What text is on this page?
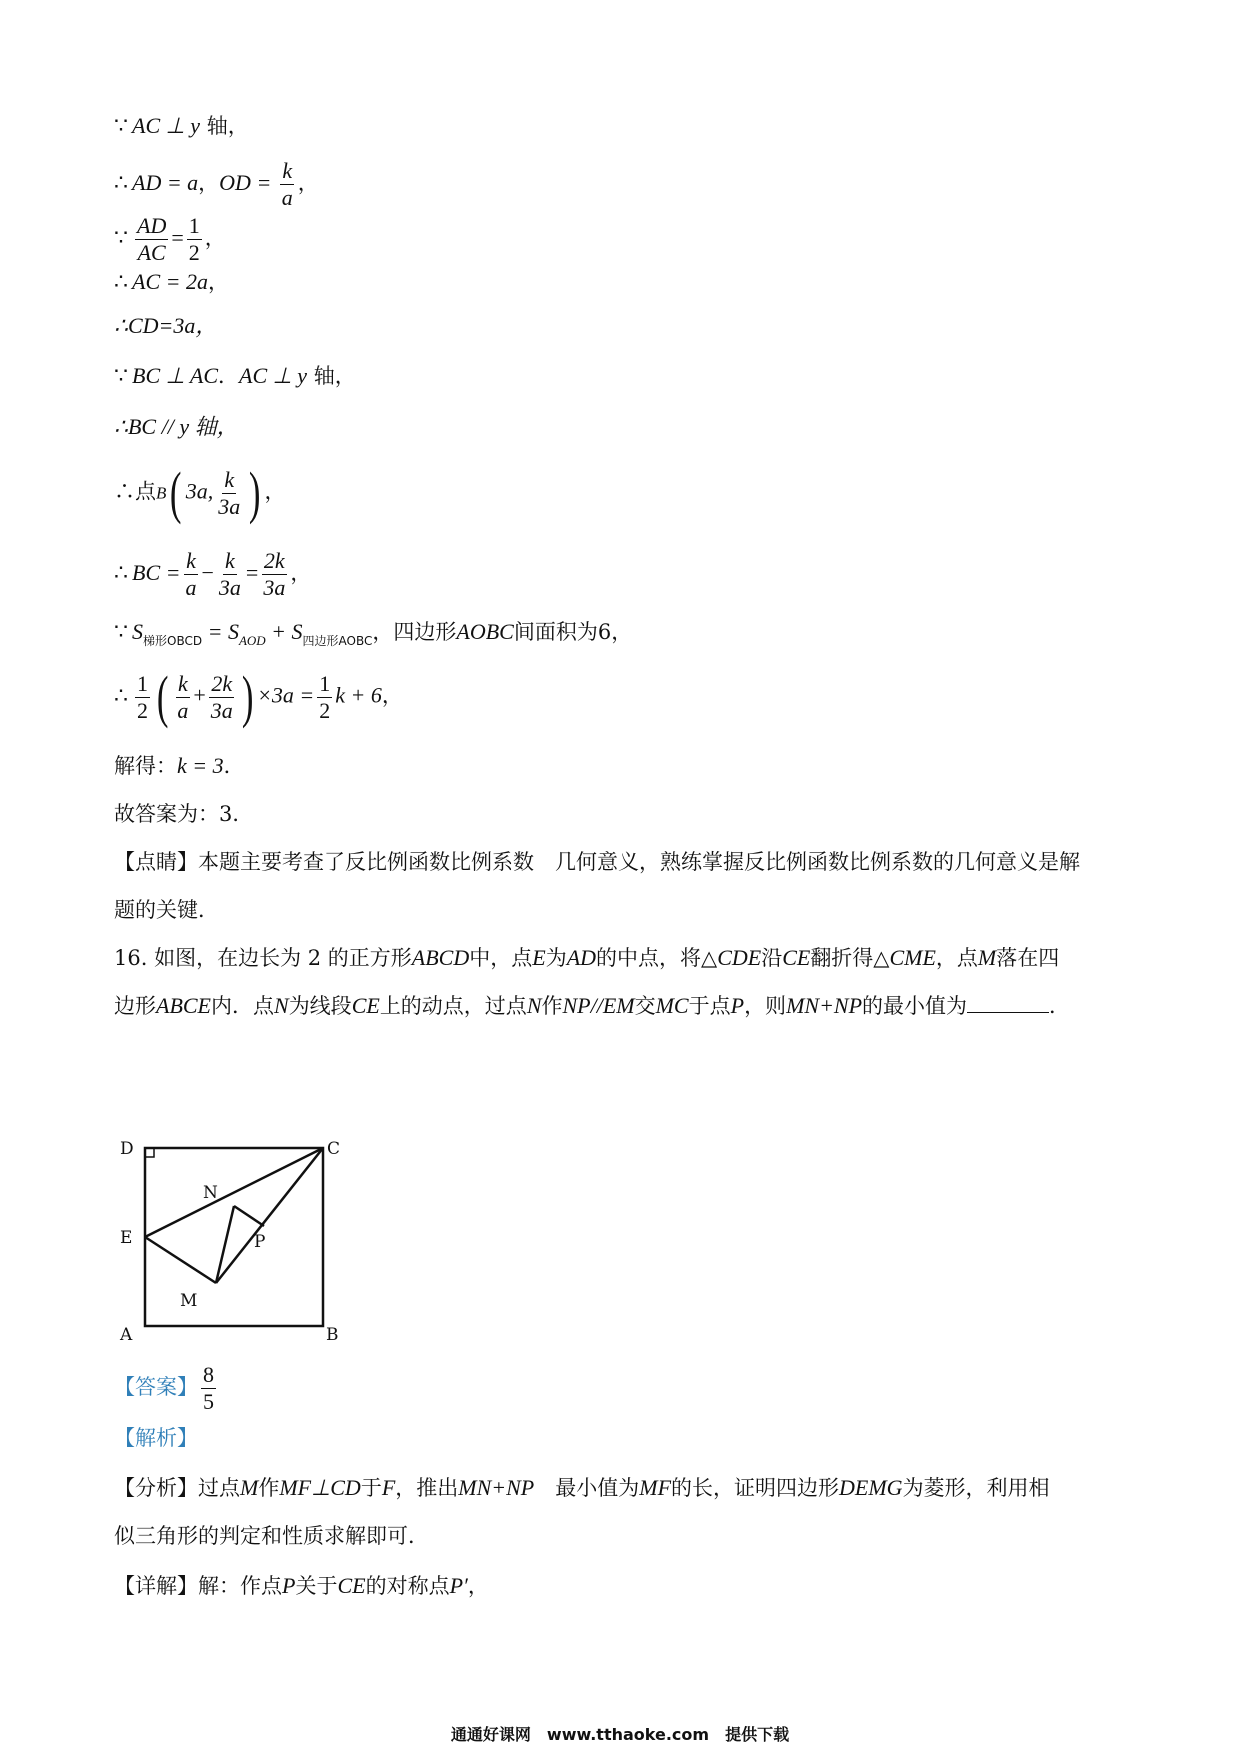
∵ AC ⊥ y 轴，
∴ AD = a，OD = $\frac{k}{a}$ ，
∵ $\frac{AD}{AC} = \frac{1}{2}$ ，
∴ AC = 2a，
∴CD=3a，
∵ BC ⊥ AC．AC ⊥ y 轴，
∴BC // y 轴，
∴点B( 3a, $\frac{k}{3a}$ ) ，
∴ BC = $\frac{k}{a} - \frac{k}{3a} = \frac{2k}{3a}$ ，
∵ $S_{梯形OBCD} = S_{AOD} + S_{四边形AOBC}$，四边形AOBC间面积为6，
∴ $\frac{1}{2}$ ( $\frac{k}{a} + \frac{2k}{3a}$ ) $\times 3a = \frac{1}{2}$ k + 6，
解得：k = 3．
故答案为：3．
【点睛】本题主要考查了反比例函数比例系数　几何意义，熟练掌握反比例函数比例系数的几何意义是解
题的关键．
16. 如图，在边长为 2 的正方形ABCD中，点E为AD的中点，将△CDE沿CE翻折得△CME，点M落在四
边形ABCE内．点N为线段CE上的动点，过点N作NP//EM交MC于点P，则MN+NP的最小值为	．
D	C
N
E	P
M
A	B
【答案】 $\frac{8}{5}$
【解析】
【分析】过点M作MF⊥CD于F，推出MN+NP　最小值为MF的长，证明四边形DEMG为菱形，利用相
似三角形的判定和性质求解即可．
【详解】解：作点P关于CE的对称点P′，
通通好课网　www.tthaoke.com　提供下载
